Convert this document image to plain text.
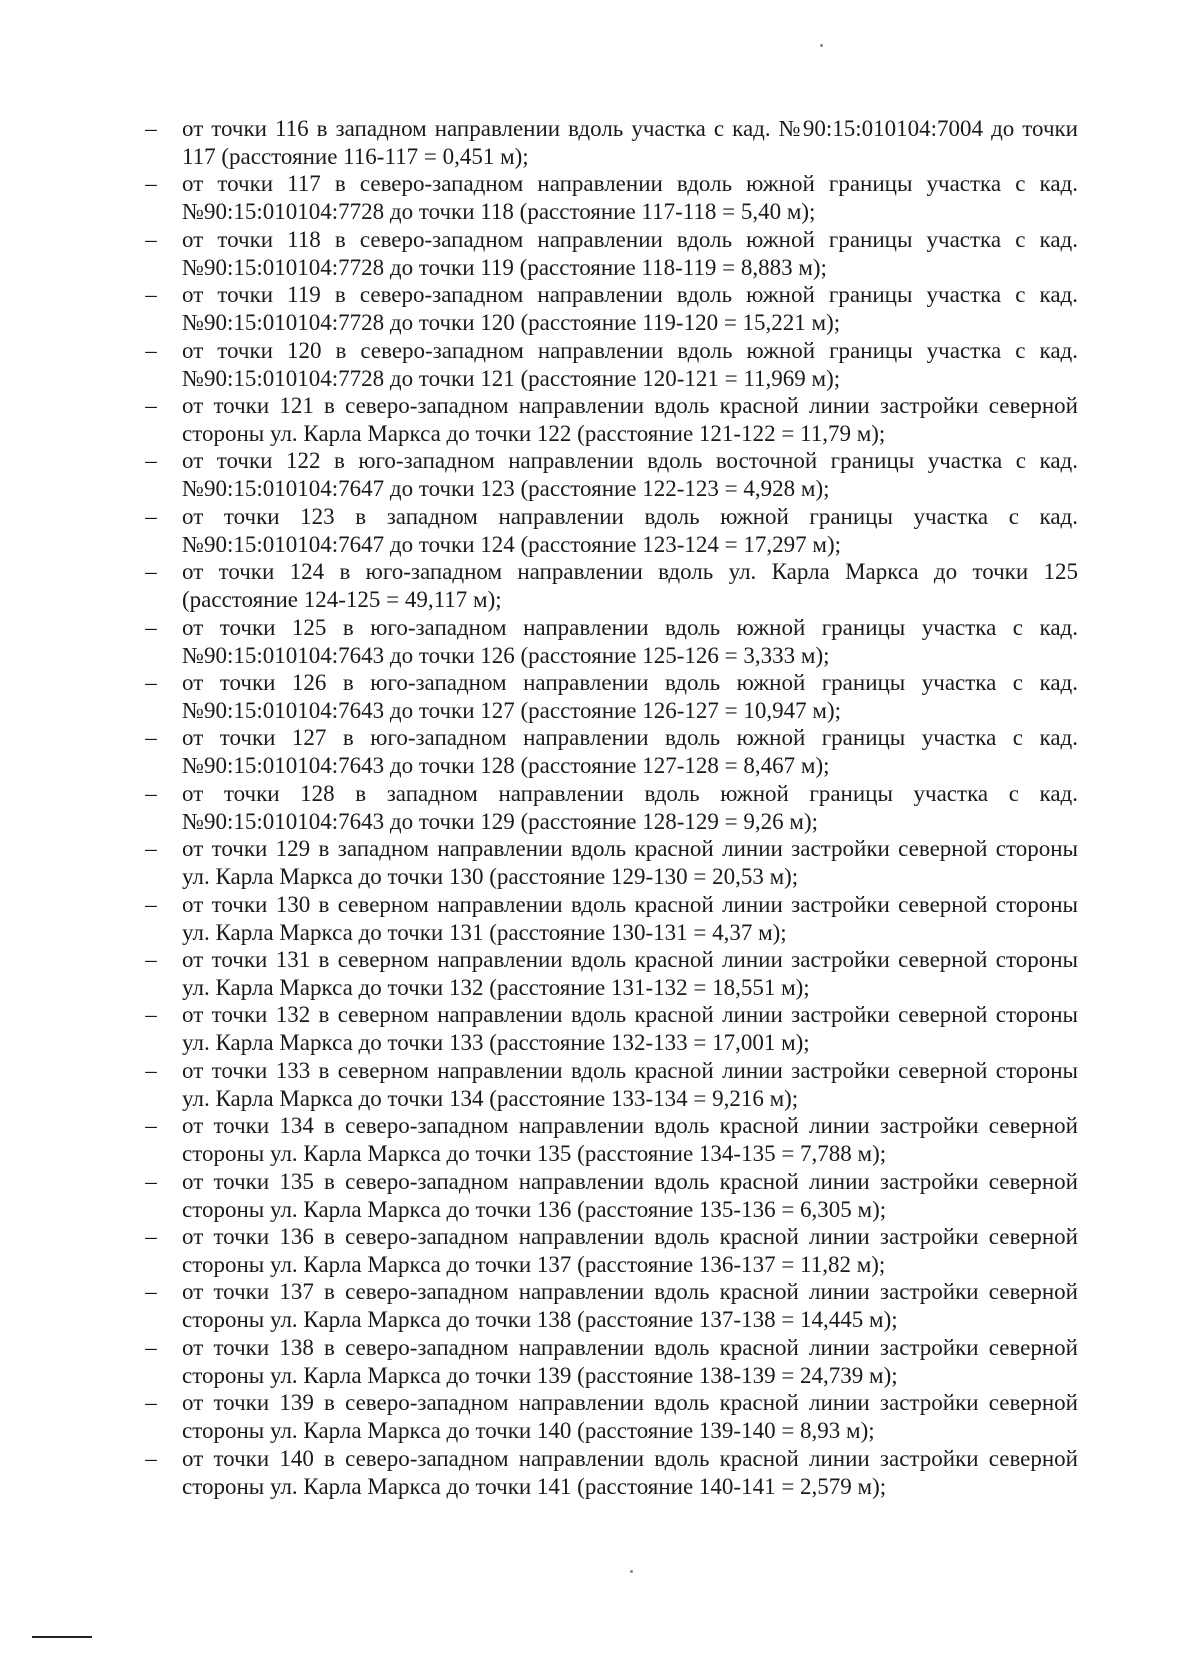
– от точки 116 в западном направлении вдоль участка с кад. №90:15:010104:7004 до точки 117 (расстояние 116-117 = 0,451 м);
– от точки 117 в северо-западном направлении вдоль южной границы участка с кад. №90:15:010104:7728 до точки 118 (расстояние 117-118 = 5,40 м);
– от точки 118 в северо-западном направлении вдоль южной границы участка с кад. №90:15:010104:7728 до точки 119 (расстояние 118-119 = 8,883 м);
– от точки 119 в северо-западном направлении вдоль южной границы участка с кад. №90:15:010104:7728 до точки 120 (расстояние 119-120 = 15,221 м);
– от точки 120 в северо-западном направлении вдоль южной границы участка с кад. №90:15:010104:7728 до точки 121 (расстояние 120-121 = 11,969 м);
– от точки 121 в северо-западном направлении вдоль красной линии застройки северной стороны ул. Карла Маркса до точки 122 (расстояние 121-122 = 11,79 м);
– от точки 122 в юго-западном направлении вдоль восточной границы участка с кад. №90:15:010104:7647 до точки 123 (расстояние 122-123 = 4,928 м);
– от точки 123 в западном направлении вдоль южной границы участка с кад. №90:15:010104:7647 до точки 124 (расстояние 123-124 = 17,297 м);
– от точки 124 в юго-западном направлении вдоль ул. Карла Маркса до точки 125 (расстояние 124-125 = 49,117 м);
– от точки 125 в юго-западном направлении вдоль южной границы участка с кад. №90:15:010104:7643 до точки 126 (расстояние 125-126 = 3,333 м);
– от точки 126 в юго-западном направлении вдоль южной границы участка с кад. №90:15:010104:7643 до точки 127 (расстояние 126-127 = 10,947 м);
– от точки 127 в юго-западном направлении вдоль южной границы участка с кад. №90:15:010104:7643 до точки 128 (расстояние 127-128 = 8,467 м);
– от точки 128 в западном направлении вдоль южной границы участка с кад. №90:15:010104:7643 до точки 129 (расстояние 128-129 = 9,26 м);
– от точки 129 в западном направлении вдоль красной линии застройки северной стороны ул. Карла Маркса до точки 130 (расстояние 129-130 = 20,53 м);
– от точки 130 в северном направлении вдоль красной линии застройки северной стороны ул. Карла Маркса до точки 131 (расстояние 130-131 = 4,37 м);
– от точки 131 в северном направлении вдоль красной линии застройки северной стороны ул. Карла Маркса до точки 132 (расстояние 131-132 = 18,551 м);
– от точки 132 в северном направлении вдоль красной линии застройки северной стороны ул. Карла Маркса до точки 133 (расстояние 132-133 = 17,001 м);
– от точки 133 в северном направлении вдоль красной линии застройки северной стороны ул. Карла Маркса до точки 134 (расстояние 133-134 = 9,216 м);
– от точки 134 в северо-западном направлении вдоль красной линии застройки северной стороны ул. Карла Маркса до точки 135 (расстояние 134-135 = 7,788 м);
– от точки 135 в северо-западном направлении вдоль красной линии застройки северной стороны ул. Карла Маркса до точки 136 (расстояние 135-136 = 6,305 м);
– от точки 136 в северо-западном направлении вдоль красной линии застройки северной стороны ул. Карла Маркса до точки 137 (расстояние 136-137 = 11,82 м);
– от точки 137 в северо-западном направлении вдоль красной линии застройки северной стороны ул. Карла Маркса до точки 138 (расстояние 137-138 = 14,445 м);
– от точки 138 в северо-западном направлении вдоль красной линии застройки северной стороны ул. Карла Маркса до точки 139 (расстояние 138-139 = 24,739 м);
– от точки 139 в северо-западном направлении вдоль красной линии застройки северной стороны ул. Карла Маркса до точки 140 (расстояние 139-140 = 8,93 м);
– от точки 140 в северо-западном направлении вдоль красной линии застройки северной стороны ул. Карла Маркса до точки 141 (расстояние 140-141 = 2,579 м);
